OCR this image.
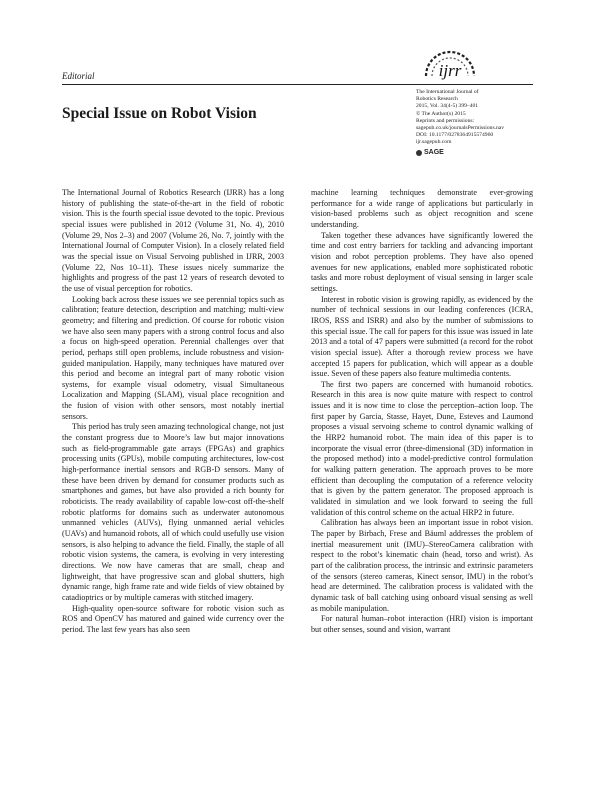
Editorial
Special Issue on Robot Vision
ijrr
The International Journal of
Robotics Research
2015, Vol. 34(4-5) 399–401
© The Author(s) 2015
Reprints and permissions:
sagepub.co.uk/journalsPermissions.nav
DOI: 10.1177/0278364915574960
ijr.sagepub.com
SAGE

The International Journal of Robotics Research (IJRR) has a long history of publishing the state-of-the-art in the field of robotic vision. This is the fourth special issue devoted to the topic. Previous special issues were published in 2012 (Volume 31, No. 4), 2010 (Volume 29, Nos 2–3) and 2007 (Volume 26, No. 7, jointly with the International Journal of Computer Vision). In a closely related field was the special issue on Visual Servoing published in IJRR, 2003 (Volume 22, Nos 10–11). These issues nicely summarize the highlights and progress of the past 12 years of research devoted to the use of visual perception for robotics.

Looking back across these issues we see perennial topics such as calibration; feature detection, description and matching; multi-view geometry; and filtering and prediction. Of course for robotic vision we have also seen many papers with a strong control focus and also a focus on high-speed operation. Perennial challenges over that period, perhaps still open problems, include robustness and vision-guided manipulation. Happily, many techniques have matured over this period and become an integral part of many robotic vision systems, for example visual odometry, visual Simultaneous Localization and Mapping (SLAM), visual place recognition and the fusion of vision with other sensors, most notably inertial sensors.

This period has truly seen amazing technological change, not just the constant progress due to Moore’s law but major innovations such as field-programmable gate arrays (FPGAs) and graphics processing units (GPUs), mobile computing architectures, low-cost high-performance inertial sensors and RGB-D sensors. Many of these have been driven by demand for consumer products such as smartphones and games, but have also provided a rich bounty for roboticists. The ready availability of capable low-cost off-the-shelf robotic platforms for domains such as underwater autonomous unmanned vehicles (AUVs), flying unmanned aerial vehicles (UAVs) and humanoid robots, all of which could usefully use vision sensors, is also helping to advance the field. Finally, the staple of all robotic vision systems, the camera, is evolving in very interesting directions. We now have cameras that are small, cheap and lightweight, that have progressive scan and global shutters, high dynamic range, high frame rate and wide fields of view obtained by catadioptrics or by multiple cameras with stitched imagery.

High-quality open-source software for robotic vision such as ROS and OpenCV has matured and gained wide currency over the period. The last few years has also seen

machine learning techniques demonstrate ever-growing performance for a wide range of applications but particularly in vision-based problems such as object recognition and scene understanding.

Taken together these advances have significantly lowered the time and cost entry barriers for tackling and advancing important vision and robot perception problems. They have also opened avenues for new applications, enabled more sophisticated robotic tasks and more robust deployment of visual sensing in larger scale settings.

Interest in robotic vision is growing rapidly, as evidenced by the number of technical sessions in our leading conferences (ICRA, IROS, RSS and ISRR) and also by the number of submissions to this special issue. The call for papers for this issue was issued in late 2013 and a total of 47 papers were submitted (a record for the robot vision special issue). After a thorough review process we have accepted 15 papers for publication, which will appear as a double issue. Seven of these papers also feature multimedia contents.

The first two papers are concerned with humanoid robotics. Research in this area is now quite mature with respect to control issues and it is now time to close the perception–action loop. The first paper by Garcia, Stasse, Hayet, Dune, Esteves and Laumond proposes a visual servoing scheme to control dynamic walking of the HRP2 humanoid robot. The main idea of this paper is to incorporate the visual error (three-dimensional (3D) information in the proposed method) into a model-predictive control formulation for walking pattern generation. The approach proves to be more efficient than decoupling the computation of a reference velocity that is given by the pattern generator. The proposed approach is validated in simulation and we look forward to seeing the full validation of this control scheme on the actual HRP2 in future.

Calibration has always been an important issue in robot vision. The paper by Birbach, Frese and Bäuml addresses the problem of inertial measurement unit (IMU)–StereoCamera calibration with respect to the robot’s kinematic chain (head, torso and wrist). As part of the calibration process, the intrinsic and extrinsic parameters of the sensors (stereo cameras, Kinect sensor, IMU) in the robot’s head are determined. The calibration process is validated with the dynamic task of ball catching using onboard visual sensing as well as mobile manipulation.

For natural human–robot interaction (HRI) vision is important but other senses, sound and vision, warrant
